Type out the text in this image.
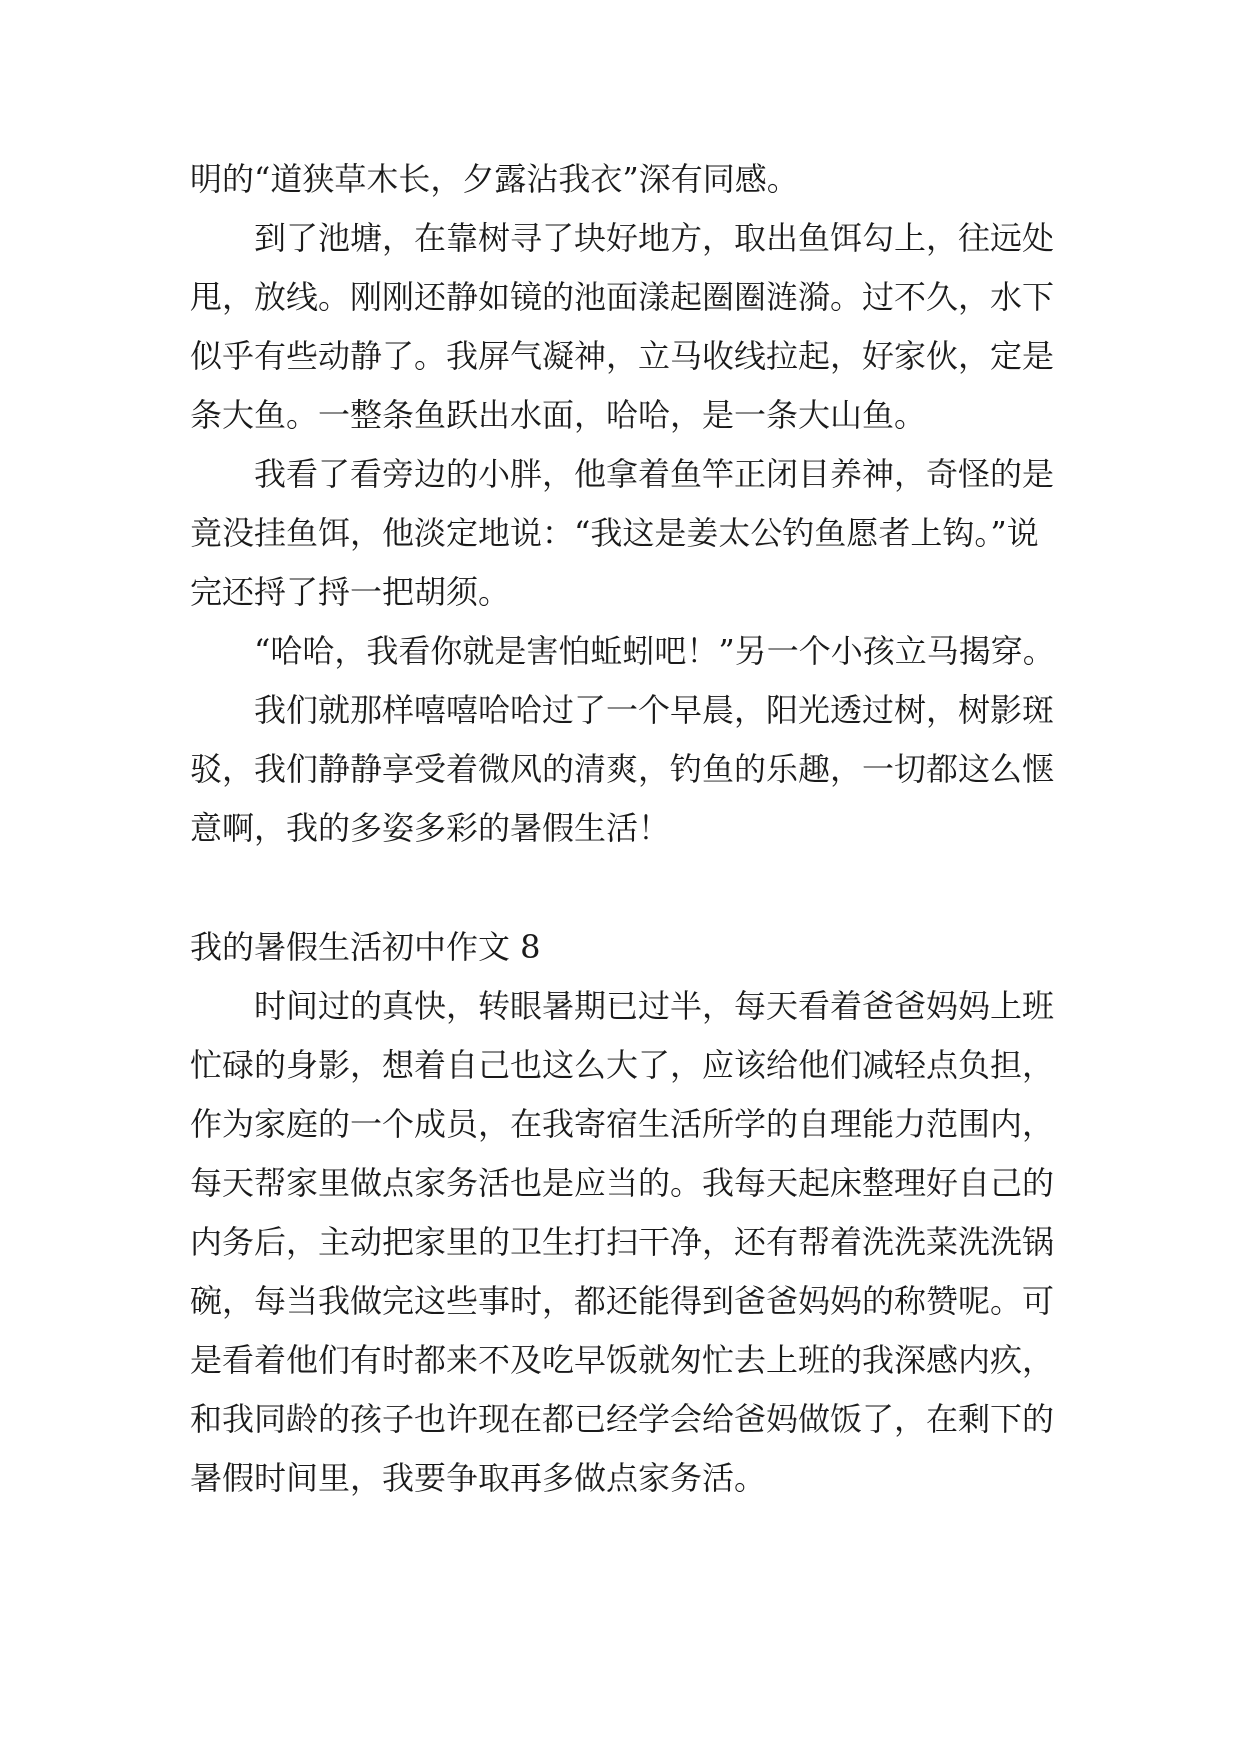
明的“道狭草木长，夕露沾我衣”深有同感。

到了池塘，在靠树寻了块好地方，取出鱼饵勾上，往远处甩，放线。刚刚还静如镜的池面漾起圈圈涟漪。过不久，水下似乎有些动静了。我屏气凝神，立马收线拉起，好家伙，定是条大鱼。一整条鱼跃出水面，哈哈，是一条大山鱼。

我看了看旁边的小胖，他拿着鱼竿正闭目养神，奇怪的是竟没挂鱼饵，他淡定地说：“我这是姜太公钓鱼愿者上钩。”说完还捋了捋一把胡须。

“哈哈，我看你就是害怕蚯蚓吧！”另一个小孩立马揭穿。

我们就那样嘻嘻哈哈过了一个早晨，阳光透过树，树影斑驳，我们静静享受着微风的清爽，钓鱼的乐趣，一切都这么惬意啊，我的多姿多彩的暑假生活！

我的暑假生活初中作文 8

时间过的真快，转眼暑期已过半，每天看着爸爸妈妈上班忙碌的身影，想着自己也这么大了，应该给他们减轻点负担，作为家庭的一个成员，在我寄宿生活所学的自理能力范围内，每天帮家里做点家务活也是应当的。我每天起床整理好自己的内务后，主动把家里的卫生打扫干净，还有帮着洗洗菜洗洗锅碗，每当我做完这些事时，都还能得到爸爸妈妈的称赞呢。可是看着他们有时都来不及吃早饭就匆忙去上班的我深感内疚，和我同龄的孩子也许现在都已经学会给爸妈做饭了，在剩下的暑假时间里，我要争取再多做点家务活。
